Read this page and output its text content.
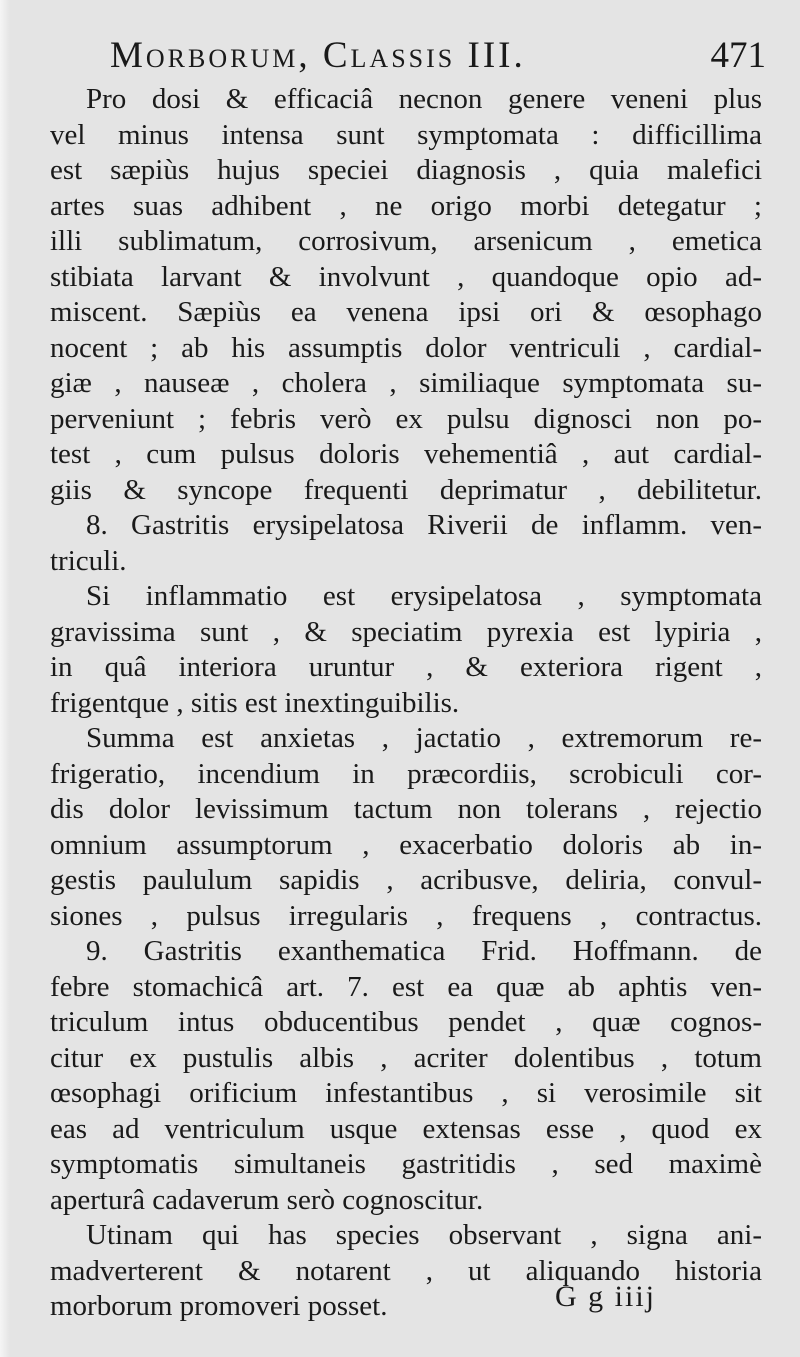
Morborum, Classis III.	471
Pro dosi & efficaciâ necnon genere veneni plus
vel minus intensa sunt symptomata : difficillima
est sæpiùs hujus speciei diagnosis , quia malefici
artes suas adhibent , ne origo morbi detegatur ;
illi sublimatum, corrosivum, arsenicum , emetica
stibiata larvant & involvunt , quandoque opio ad-
miscent. Sæpiùs ea venena ipsi ori & œsophago
nocent ; ab his assumptis dolor ventriculi , cardial-
giæ , nauseæ , cholera , similiaque symptomata su-
perveniunt ; febris verò ex pulsu dignosci non po-
test , cum pulsus doloris vehementiâ , aut cardial-
giis & syncope frequenti deprimatur , debilitetur.
8. Gastritis erysipelatosa Riverii de inflamm. ven-
triculi.
Si inflammatio est erysipelatosa , symptomata
gravissima sunt , & speciatim pyrexia est lypiria ,
in quâ interiora uruntur , & exteriora rigent ,
frigentque , sitis est inextinguibilis.
Summa est anxietas , jactatio , extremorum re-
frigeratio, incendium in præcordiis, scrobiculi cor-
dis dolor levissimum tactum non tolerans , rejectio
omnium assumptorum , exacerbatio doloris ab in-
gestis paululum sapidis , acribusve, deliria, convul-
siones , pulsus irregularis , frequens , contractus.
9. Gastritis exanthematica Frid. Hoffmann. de
febre stomachicâ art. 7. est ea quæ ab aphtis ven-
triculum intus obducentibus pendet , quæ cognos-
citur ex pustulis albis , acriter dolentibus , totum
œsophagi orificium infestantibus , si verosimile sit
eas ad ventriculum usque extensas esse , quod ex
symptomatis simultaneis gastritidis , sed maximè
aperturâ cadaverum serò cognoscitur.
Utinam qui has species observant , signa ani-
madverterent & notarent , ut aliquando historia
morborum promoveri posset.	G g iiij
